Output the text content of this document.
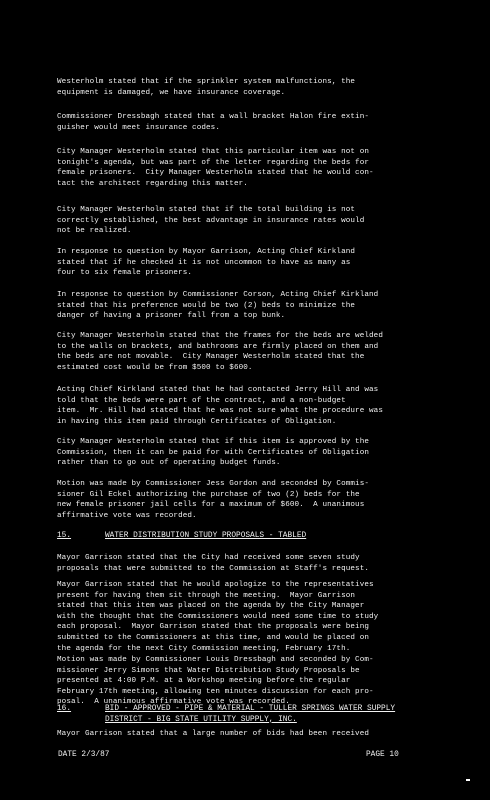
Westerholm stated that if the sprinkler system malfunctions, the
equipment is damaged, we have insurance coverage.

Commissioner Dressbagh stated that a wall bracket Halon fire extin-
guisher would meet insurance codes.

City Manager Westerholm stated that this particular item was not on
tonight's agenda, but was part of the letter regarding the beds for
female prisoners.  City Manager Westerholm stated that he would con-
tact the architect regarding this matter.

City Manager Westerholm stated that if the total building is not
correctly established, the best advantage in insurance rates would
not be realized.

In response to question by Mayor Garrison, Acting Chief Kirkland
stated that if he checked it is not uncommon to have as many as
four to six female prisoners.

In response to question by Commissioner Corson, Acting Chief Kirkland
stated that his preference would be two (2) beds to minimize the
danger of having a prisoner fall from a top bunk.

City Manager Westerholm stated that the frames for the beds are welded
to the walls on brackets, and bathrooms are firmly placed on them and
the beds are not movable.  City Manager Westerholm stated that the
estimated cost would be from $500 to $600.

Acting Chief Kirkland stated that he had contacted Jerry Hill and was
told that the beds were part of the contract, and a non-budget
item.  Mr. Hill had stated that he was not sure what the procedure was
in having this item paid through Certificates of Obligation.

City Manager Westerholm stated that if this item is approved by the
Commission, then it can be paid for with Certificates of Obligation
rather than to go out of operating budget funds.

Motion was made by Commissioner Jess Gordon and seconded by Commis-
sioner Gil Eckel authorizing the purchase of two (2) beds for the
new female prisoner jail cells for a maximum of $600.  A unanimous
affirmative vote was recorded.

15.	WATER DISTRIBUTION STUDY PROPOSALS - TABLED

Mayor Garrison stated that the City had received some seven study
proposals that were submitted to the Commission at Staff's request.

Mayor Garrison stated that he would apologize to the representatives
present for having them sit through the meeting.  Mayor Garrison
stated that this item was placed on the agenda by the City Manager
with the thought that the Commissioners would need some time to study
each proposal.  Mayor Garrison stated that the proposals were being
submitted to the Commissioners at this time, and would be placed on
the agenda for the next City Commission meeting, February 17th.

Motion was made by Commissioner Louis Dressbagh and seconded by Com-
missioner Jerry Simons that Water Distribution Study Proposals be
presented at 4:00 P.M. at a Workshop meeting before the regular
February 17th meeting, allowing ten minutes discussion for each pro-
posal.  A unanimous affirmative vote was recorded.

16.	BID - APPROVED - PIPE & MATERIAL - TULLER SPRINGS WATER SUPPLY
DISTRICT - BIG STATE UTILITY SUPPLY, INC.

Mayor Garrison stated that a large number of bids had been received

DATE 2/3/87	PAGE 10
